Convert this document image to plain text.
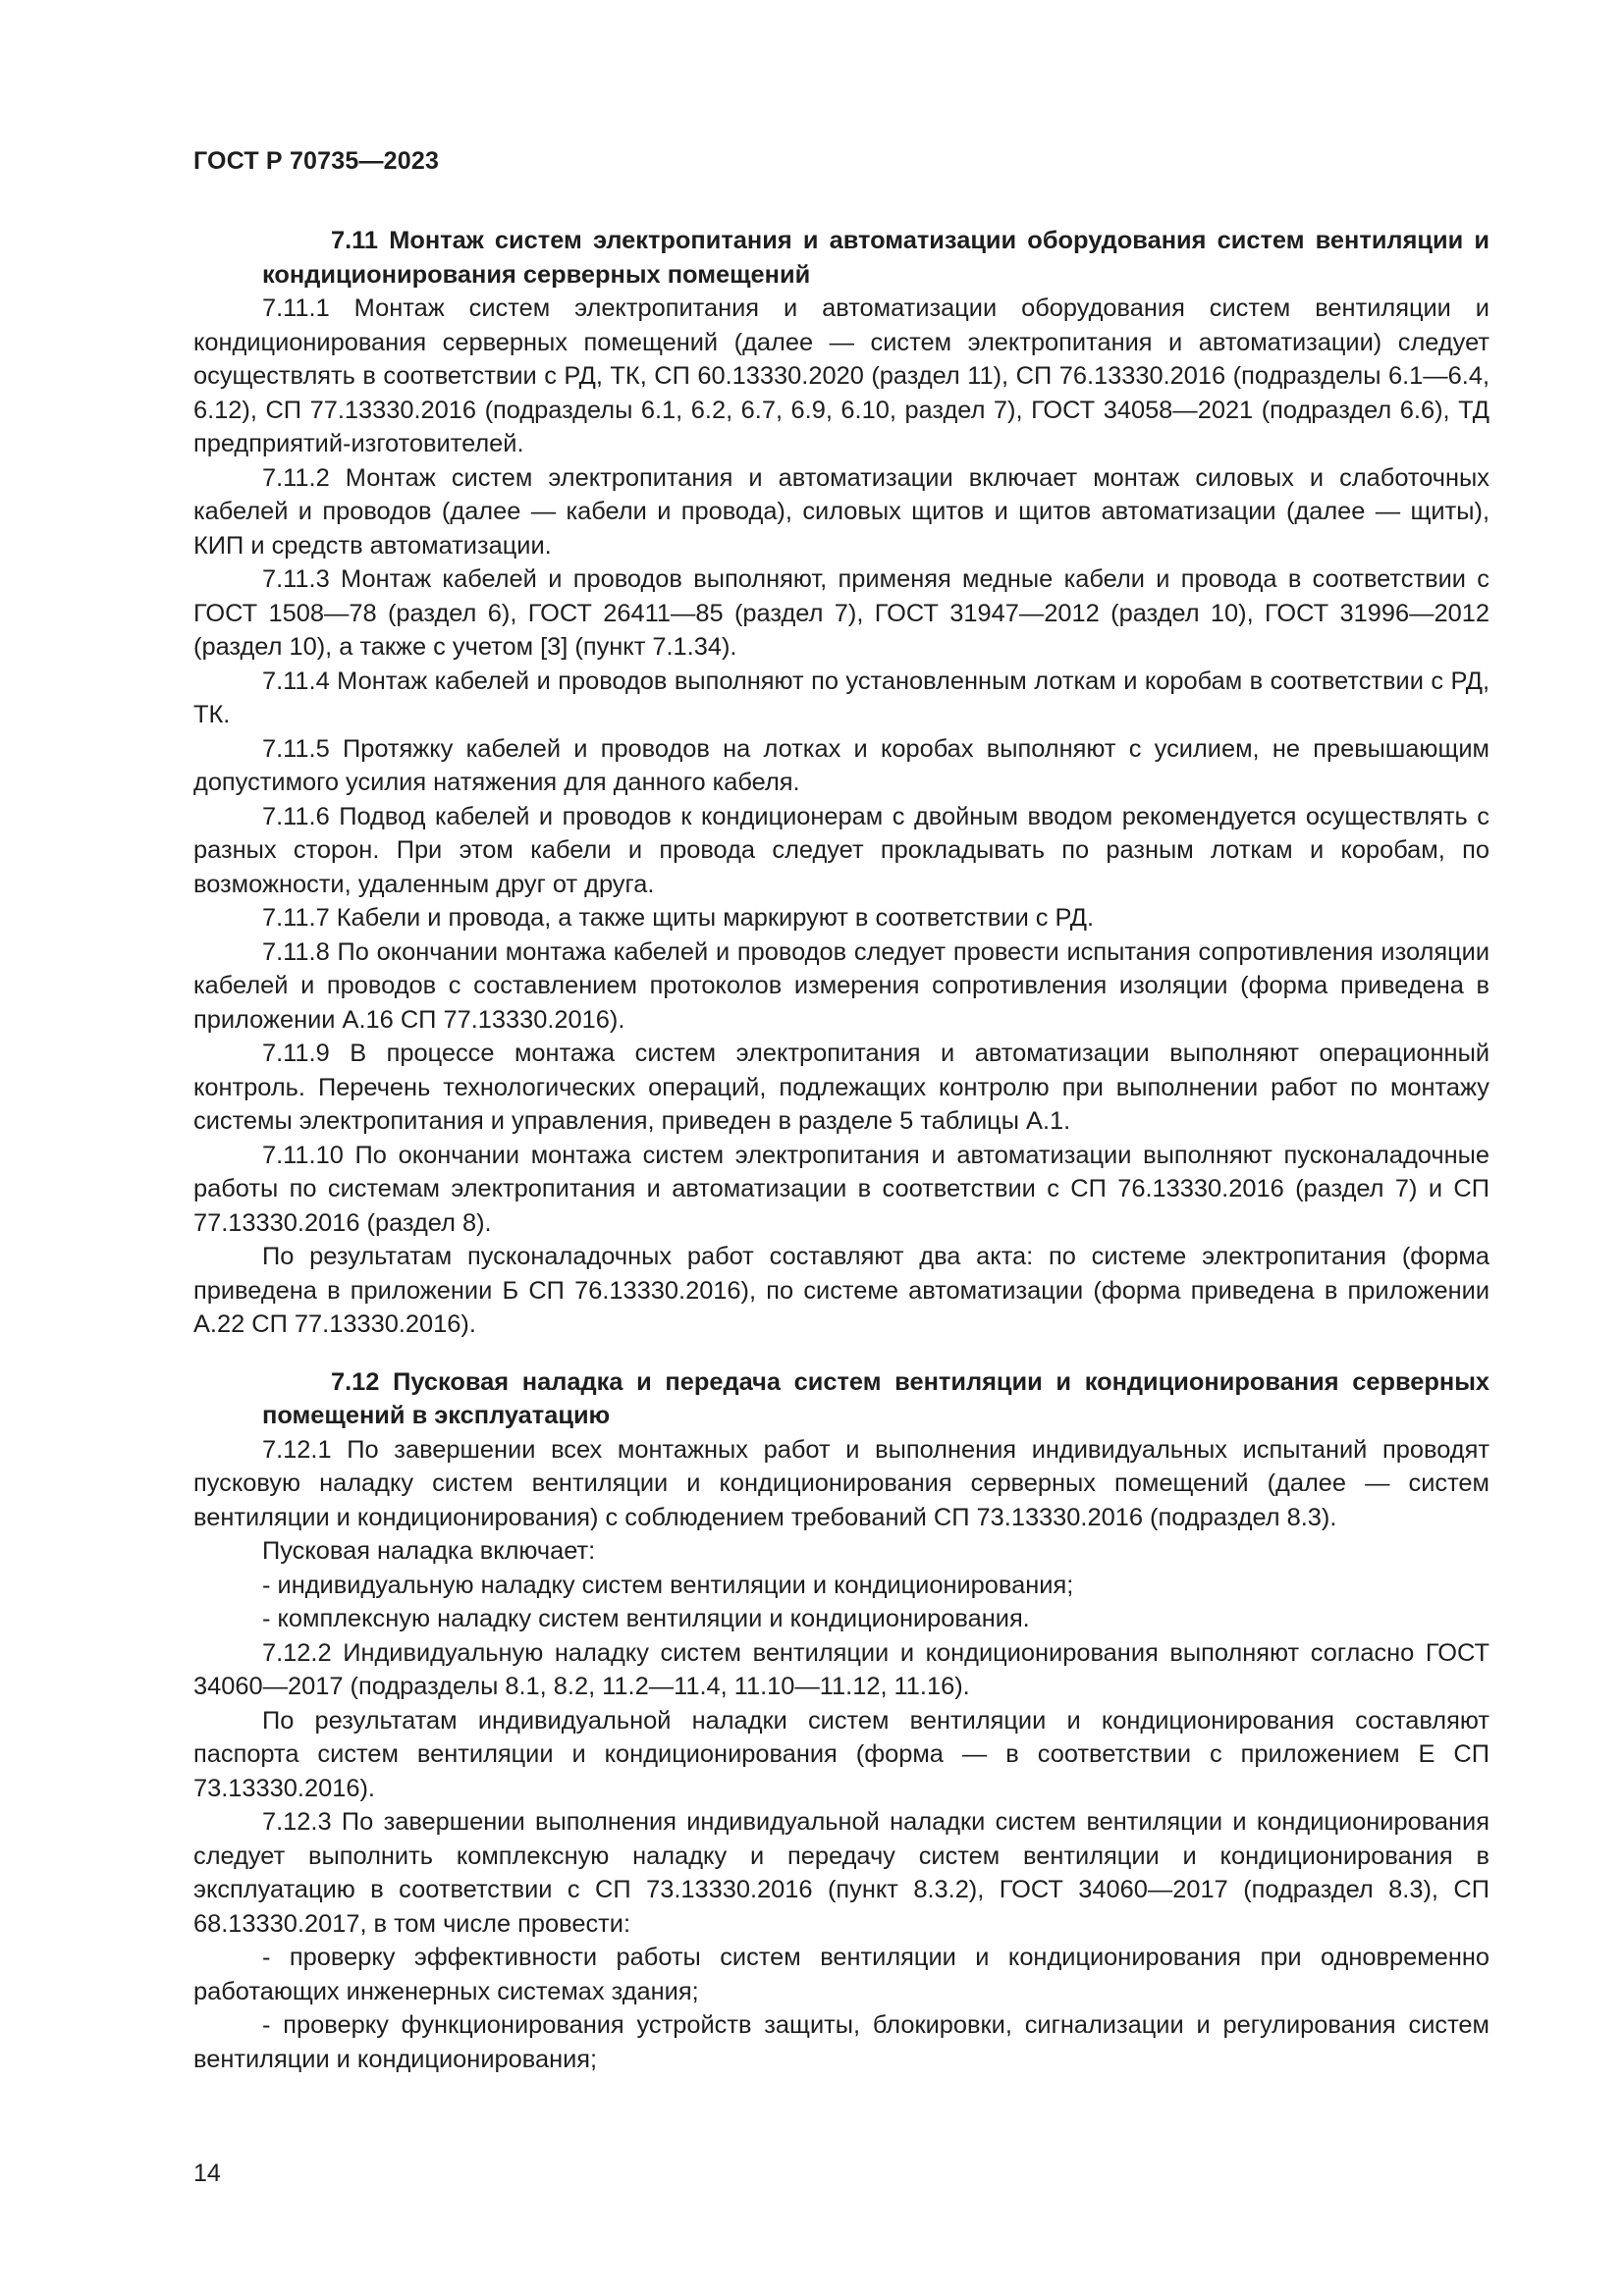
ГОСТ Р 70735—2023

7.11 Монтаж систем электропитания и автоматизации оборудования систем вентиляции и кондиционирования серверных помещений

7.11.1 Монтаж систем электропитания и автоматизации оборудования систем вентиляции и кондиционирования серверных помещений (далее — систем электропитания и автоматизации) следует осуществлять в соответствии с РД, ТК, СП 60.13330.2020 (раздел 11), СП 76.13330.2016 (подразделы 6.1—6.4, 6.12), СП 77.13330.2016 (подразделы 6.1, 6.2, 6.7, 6.9, 6.10, раздел 7), ГОСТ 34058—2021 (подраздел 6.6), ТД предприятий-изготовителей.

7.11.2 Монтаж систем электропитания и автоматизации включает монтаж силовых и слаботочных кабелей и проводов (далее — кабели и провода), силовых щитов и щитов автоматизации (далее — щиты), КИП и средств автоматизации.

7.11.3 Монтаж кабелей и проводов выполняют, применяя медные кабели и провода в соответствии с ГОСТ 1508—78 (раздел 6), ГОСТ 26411—85 (раздел 7), ГОСТ 31947—2012 (раздел 10), ГОСТ 31996—2012 (раздел 10), а также с учетом [3] (пункт 7.1.34).

7.11.4 Монтаж кабелей и проводов выполняют по установленным лоткам и коробам в соответствии с РД, ТК.

7.11.5 Протяжку кабелей и проводов на лотках и коробах выполняют с усилием, не превышающим допустимого усилия натяжения для данного кабеля.

7.11.6 Подвод кабелей и проводов к кондиционерам с двойным вводом рекомендуется осуществлять с разных сторон. При этом кабели и провода следует прокладывать по разным лоткам и коробам, по возможности, удаленным друг от друга.

7.11.7 Кабели и провода, а также щиты маркируют в соответствии с РД.

7.11.8 По окончании монтажа кабелей и проводов следует провести испытания сопротивления изоляции кабелей и проводов с составлением протоколов измерения сопротивления изоляции (форма приведена в приложении А.16 СП 77.13330.2016).

7.11.9 В процессе монтажа систем электропитания и автоматизации выполняют операционный контроль. Перечень технологических операций, подлежащих контролю при выполнении работ по монтажу системы электропитания и управления, приведен в разделе 5 таблицы А.1.

7.11.10 По окончании монтажа систем электропитания и автоматизации выполняют пусконаладочные работы по системам электропитания и автоматизации в соответствии с СП 76.13330.2016 (раздел 7) и СП 77.13330.2016 (раздел 8).

По результатам пусконаладочных работ составляют два акта: по системе электропитания (форма приведена в приложении Б СП 76.13330.2016), по системе автоматизации (форма приведена в приложении А.22 СП 77.13330.2016).

7.12 Пусковая наладка и передача систем вентиляции и кондиционирования серверных помещений в эксплуатацию

7.12.1 По завершении всех монтажных работ и выполнения индивидуальных испытаний проводят пусковую наладку систем вентиляции и кондиционирования серверных помещений (далее — систем вентиляции и кондиционирования) с соблюдением требований СП 73.13330.2016 (подраздел 8.3).

Пусковая наладка включает:

- индивидуальную наладку систем вентиляции и кондиционирования;

- комплексную наладку систем вентиляции и кондиционирования.

7.12.2 Индивидуальную наладку систем вентиляции и кондиционирования выполняют согласно ГОСТ 34060—2017 (подразделы 8.1, 8.2, 11.2—11.4, 11.10—11.12, 11.16).

По результатам индивидуальной наладки систем вентиляции и кондиционирования составляют паспорта систем вентиляции и кондиционирования (форма — в соответствии с приложением Е СП 73.13330.2016).

7.12.3 По завершении выполнения индивидуальной наладки систем вентиляции и кондиционирования следует выполнить комплексную наладку и передачу систем вентиляции и кондиционирования в эксплуатацию в соответствии с СП 73.13330.2016 (пункт 8.3.2), ГОСТ 34060—2017 (подраздел 8.3), СП 68.13330.2017, в том числе провести:

- проверку эффективности работы систем вентиляции и кондиционирования при одновременно работающих инженерных системах здания;

- проверку функционирования устройств защиты, блокировки, сигнализации и регулирования систем вентиляции и кондиционирования;

14
